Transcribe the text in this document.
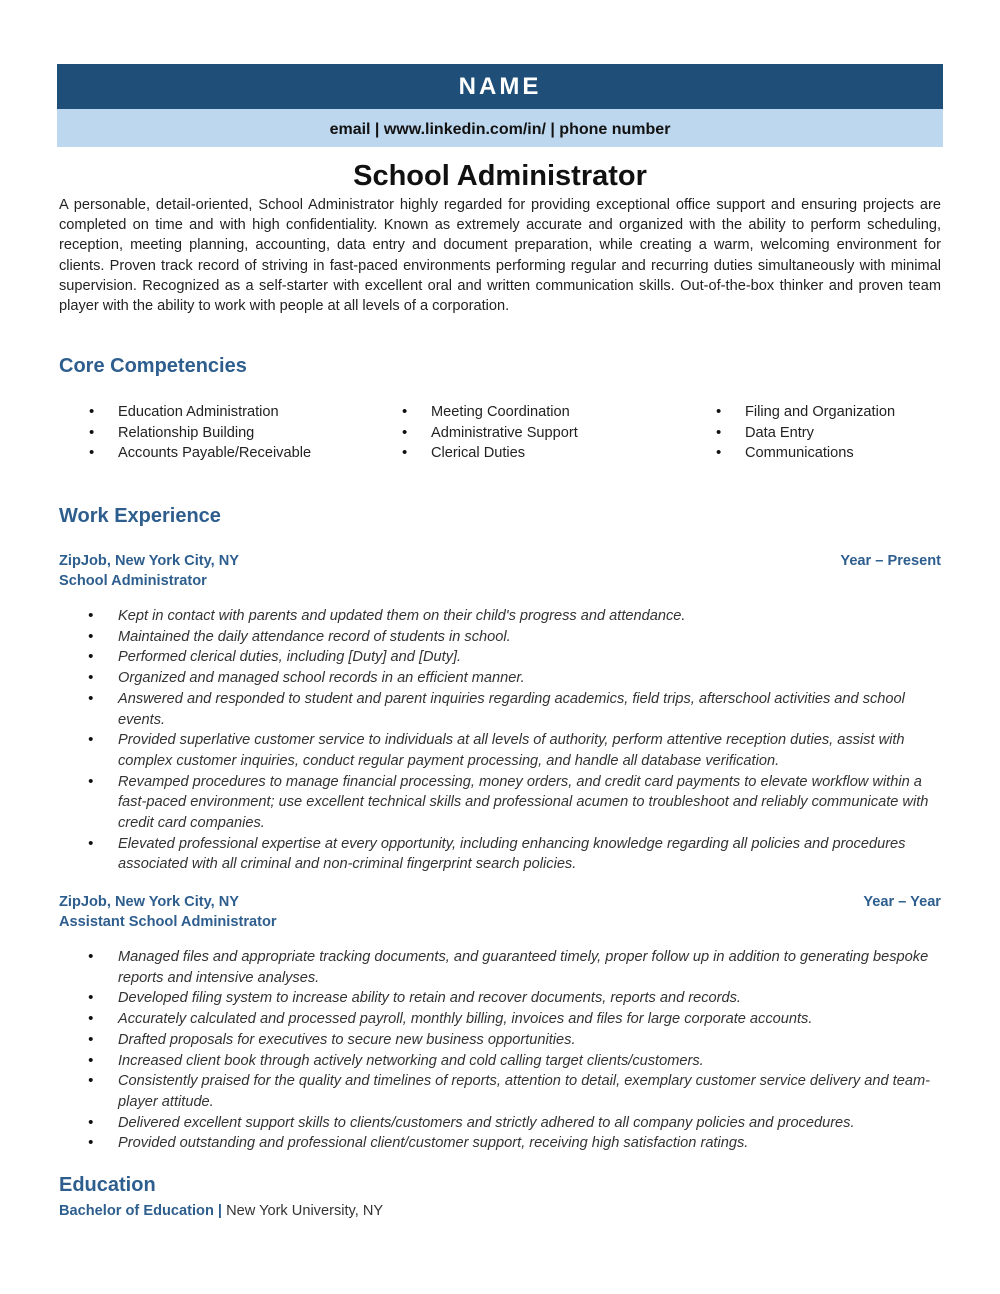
NAME
email | www.linkedin.com/in/ | phone number
School Administrator

A personable, detail-oriented, School Administrator highly regarded for providing exceptional office support and ensuring projects are completed on time and with high confidentiality. Known as extremely accurate and organized with the ability to perform scheduling, reception, meeting planning, accounting, data entry and document preparation, while creating a warm, welcoming environment for clients. Proven track record of striving in fast-paced environments performing regular and recurring duties simultaneously with minimal supervision. Recognized as a self-starter with excellent oral and written communication skills. Out-of-the-box thinker and proven team player with the ability to work with people at all levels of a corporation.

Core Competencies
• Education Administration
• Relationship Building
• Accounts Payable/Receivable
• Meeting Coordination
• Administrative Support
• Clerical Duties
• Filing and Organization
• Data Entry
• Communications
Work Experience
ZipJob, New York City, NY	Year – Present
School Administrator
• Kept in contact with parents and updated them on their child's progress and attendance.
• Maintained the daily attendance record of students in school.
• Performed clerical duties, including [Duty] and [Duty].
• Organized and managed school records in an efficient manner.
• Answered and responded to student and parent inquiries regarding academics, field trips, afterschool activities and school events.
• Provided superlative customer service to individuals at all levels of authority, perform attentive reception duties, assist with complex customer inquiries, conduct regular payment processing, and handle all database verification.
• Revamped procedures to manage financial processing, money orders, and credit card payments to elevate workflow within a fast-paced environment; use excellent technical skills and professional acumen to troubleshoot and reliably communicate with credit card companies.
• Elevated professional expertise at every opportunity, including enhancing knowledge regarding all policies and procedures associated with all criminal and non-criminal fingerprint search policies.
ZipJob, New York City, NY	Year – Year
Assistant School Administrator
• Managed files and appropriate tracking documents, and guaranteed timely, proper follow up in addition to generating bespoke reports and intensive analyses.
• Developed filing system to increase ability to retain and recover documents, reports and records.
• Accurately calculated and processed payroll, monthly billing, invoices and files for large corporate accounts.
• Drafted proposals for executives to secure new business opportunities.
• Increased client book through actively networking and cold calling target clients/customers.
• Consistently praised for the quality and timelines of reports, attention to detail, exemplary customer service delivery and team-player attitude.
• Delivered excellent support skills to clients/customers and strictly adhered to all company policies and procedures.
• Provided outstanding and professional client/customer support, receiving high satisfaction ratings.
Education
Bachelor of Education | New York University, NY
